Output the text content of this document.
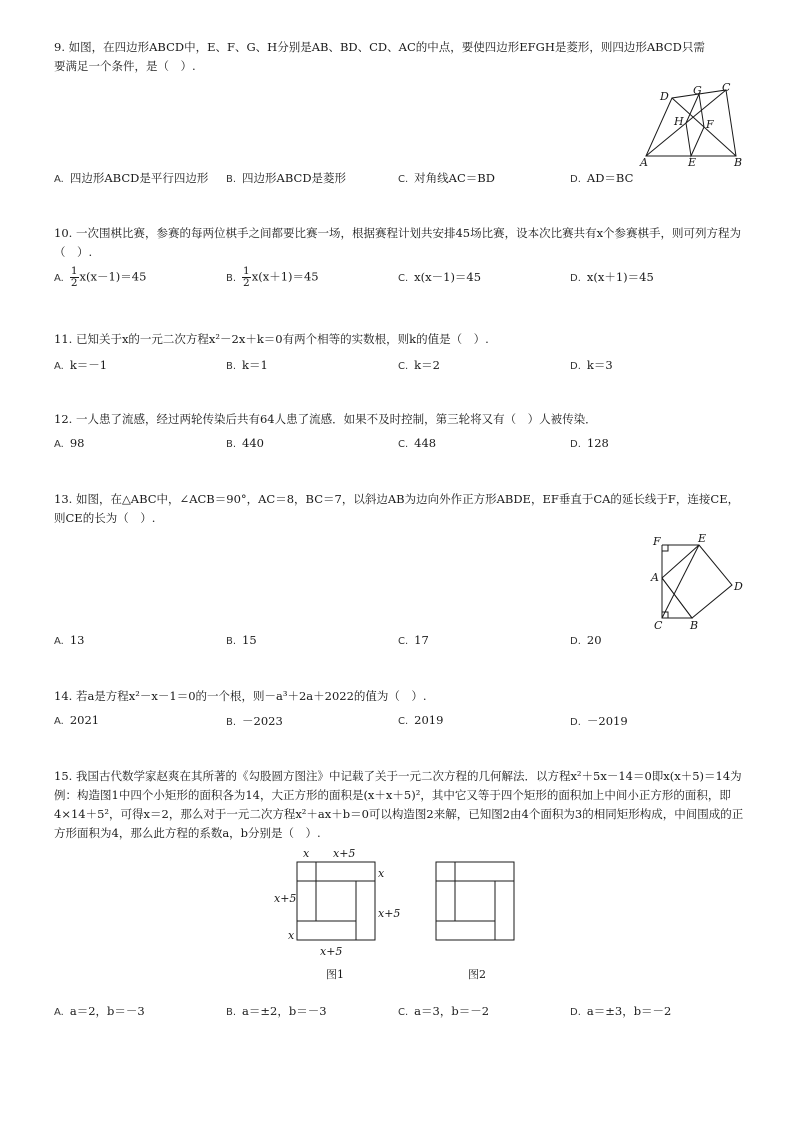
9. 如图，在四边形ABCD中，E、F、G、H分别是AB、BD、CD、AC的中点，要使四边形EFGH是菱形，则四边形ABCD只需要满足一个条件，是（　）.

D G C
H F
A	E	B
A. 四边形ABCD是平行四边形 B. 四边形ABCD是菱形	C. 对角线AC＝BD	D. AD＝BC

10. 一次围棋比赛，参赛的每两位棋手之间都要比赛一场，根据赛程计划共安排45场比赛，设本次比赛共有x个参赛棋手，则可列方程为（　）.

A. $\frac{1}{2} x(x-1)=45$	B. $\frac{1}{2} x(x+1)=45$	C. x(x－1)＝45	D. x(x＋1)＝45

11. 已知关于x的一元二次方程x²－2x＋k＝0有两个相等的实数根，则k的值是（　）.

A. k＝－1	B. k＝1	C. k＝2	D. k＝3

12. 一人患了流感，经过两轮传染后共有64人患了流感．如果不及时控制，第三轮将又有（　）人被传染．

A. 98	B. 440	C. 448	D. 128

13. 如图，在△ABC中，∠ACB＝90°，AC＝8，BC＝7，以斜边AB为边向外作正方形ABDE，EF垂直于CA的延长线于F，连接CE，则CE的长为（　）.

F	E
A
D
C	B
A. 13	B. 15	C. 17	D. 20

14. 若a是方程x²－x－1＝0的一个根，则－a³＋2a＋2022的值为（　）.

A. 2021	B. －2023	C. 2019	D. －2019

15. 我国古代数学家赵爽在其所著的《勾股圆方图注》中记载了关于一元二次方程的几何解法．以方程x²＋5x－14＝0即x(x＋5)＝14为例：构造图1中四个小矩形的面积各为14，大正方形的面积是(x＋x＋5)²，其中它又等于四个矩形的面积加上中间小正方形的面积，即4×14＋5²，可得x＝2，那么对于一元二次方程x²＋ax＋b＝0可以构造图2来解，已知图2由4个面积为3的相同矩形构成，中间围成的正方形面积为4，那么此方程的系数a，b分别是（　）.

x x+5
x
x+5
x+5
x
x+5
图1	图2
A. a＝2，b＝－3	B. a＝±2，b＝－3	C. a＝3，b＝－2	D. a＝±3，b＝－2
